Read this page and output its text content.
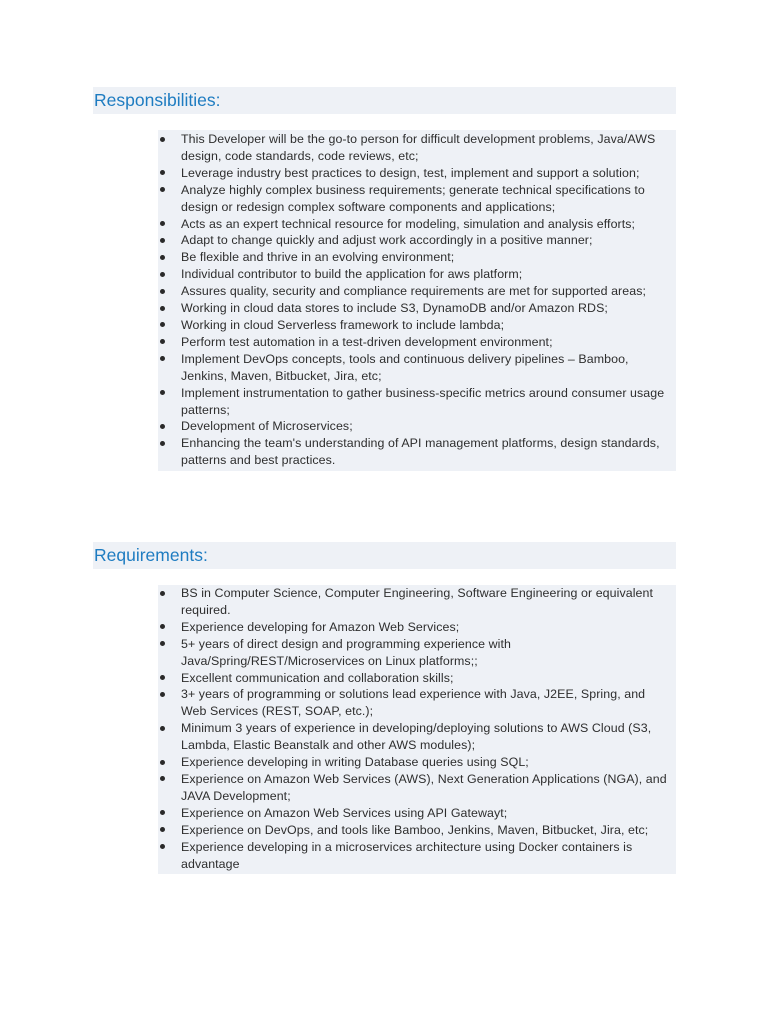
Responsibilities:
This Developer will be the go-to person for difficult development problems, Java/AWS design, code standards, code reviews, etc;
Leverage industry best practices to design, test, implement and support a solution;
Analyze highly complex business requirements; generate technical specifications to design or redesign complex software components and applications;
Acts as an expert technical resource for modeling, simulation and analysis efforts;
Adapt to change quickly and adjust work accordingly in a positive manner;
Be flexible and thrive in an evolving environment;
Individual contributor to build the application for aws platform;
Assures quality, security and compliance requirements are met for supported areas;
Working in cloud data stores to include S3, DynamoDB and/or Amazon RDS;
Working in cloud Serverless framework to include lambda;
Perform test automation in a test-driven development environment;
Implement DevOps concepts, tools and continuous delivery pipelines – Bamboo, Jenkins, Maven, Bitbucket, Jira, etc;
Implement instrumentation to gather business-specific metrics around consumer usage patterns;
Development of Microservices;
Enhancing the team's understanding of API management platforms, design standards, patterns and best practices.
Requirements:
BS in Computer Science, Computer Engineering, Software Engineering or equivalent required.
Experience developing for Amazon Web Services;
5+ years of direct design and programming experience with Java/Spring/REST/Microservices on Linux platforms;;
Excellent communication and collaboration skills;
3+ years of programming or solutions lead experience with Java, J2EE, Spring, and Web Services (REST, SOAP, etc.);
Minimum 3 years of experience in developing/deploying solutions to AWS Cloud (S3, Lambda, Elastic Beanstalk and other AWS modules);
Experience developing in writing Database queries using SQL;
Experience on Amazon Web Services (AWS), Next Generation Applications (NGA), and JAVA Development;
Experience on Amazon Web Services using API Gatewayt;
Experience on DevOps, and tools like Bamboo, Jenkins, Maven, Bitbucket, Jira, etc;
Experience developing in a microservices architecture using Docker containers is advantage
